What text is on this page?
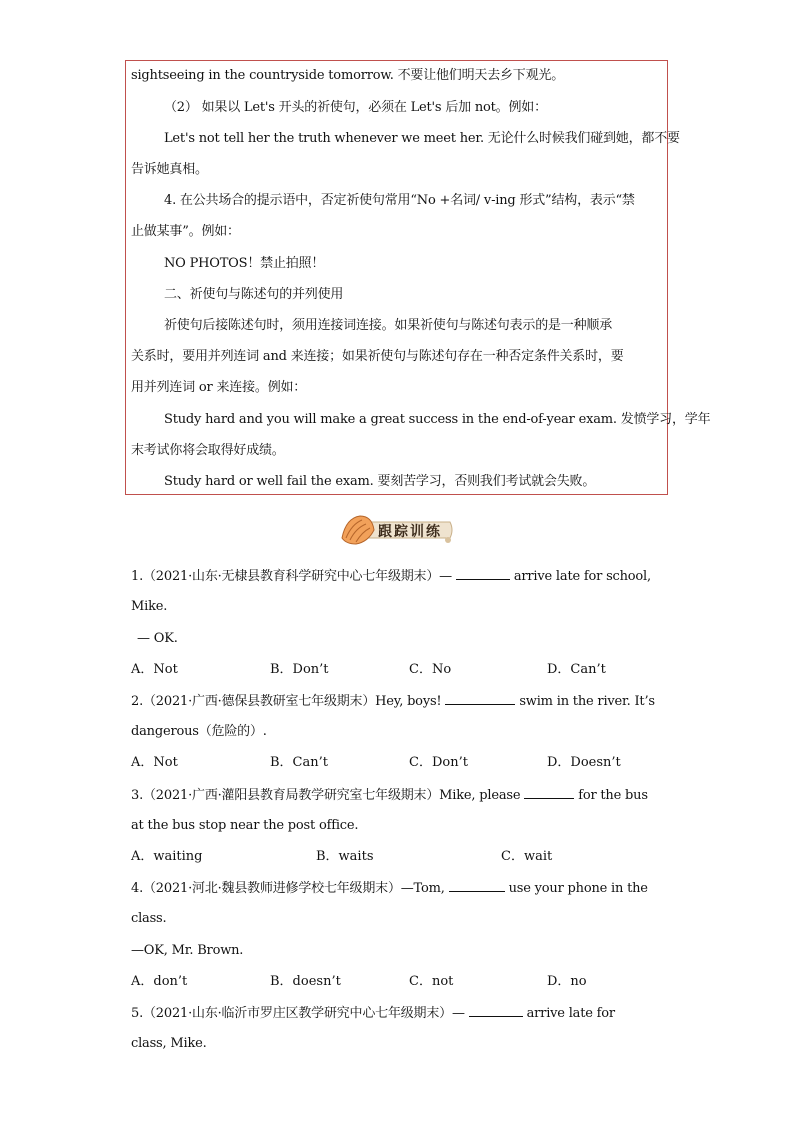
sightseeing in the countryside tomorrow. 不要让他们明天去乡下观光。
（2） 如果以 Let's 开头的祈使句，必须在 Let's 后加 not。例如：
Let's not tell her the truth whenever we meet her. 无论什么时候我们碰到她，都不要
告诉她真相。
4. 在公共场合的提示语中，否定祈使句常用“No +名词/ v-ing 形式”结构，表示“禁
止做某事”。例如：
NO PHOTOS！禁止拍照！
二、祈使句与陈述句的并列使用
祈使句后接陈述句时，须用连接词连接。如果祈使句与陈述句表示的是一种顺承
关系时，要用并列连词 and 来连接；如果祈使句与陈述句存在一种否定条件关系时，要
用并列连词 or 来连接。例如：
Study hard and you will make a great success in the end-of-year exam. 发愤学习，学年
末考试你将会取得好成绩。
Study hard or well fail the exam. 要刻苦学习，否则我们考试就会失败。
跟踪训练
1.（2021·山东·无棣县教育科学研究中心七年级期末）—	arrive late for school,
Mike.
— OK.
A．Not	B．Don’t	C．No	D．Can’t
2.（2021·广西·德保县教研室七年级期末）Hey, boys!	swim in the river. It’s
dangerous（危险的）.
A．Not	B．Can’t	C．Don’t	D．Doesn’t
3.（2021·广西·灌阳县教育局教学研究室七年级期末）Mike, please	for the bus
at the bus stop near the post office.
A．waiting	B．waits	C．wait
4.（2021·河北·魏县教师进修学校七年级期末）—Tom,	use your phone in the
class.
—OK, Mr. Brown.
A．don’t	B．doesn’t	C．not	D．no
5.（2021·山东·临沂市罗庄区教学研究中心七年级期末）—	arrive late for
class, Mike.
